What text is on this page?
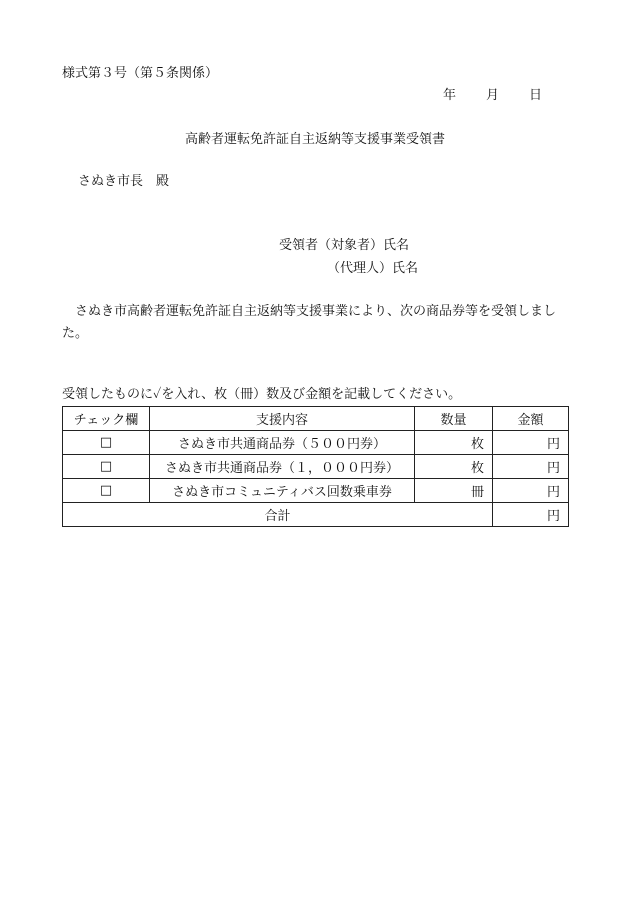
様式第３号（第５条関係）
年 月 日
高齢者運転免許証自主返納等支援事業受領書
さぬき市長　殿
受領者（対象者）氏名
（代理人）氏名
さぬき市高齢者運転免許証自主返納等支援事業により、次の商品券等を受領しました。
受領したものに✓を入れ、枚（冊）数及び金額を記載してください。
チェック欄	支援内容	数量	金額
□	さぬき市共通商品券（５００円券）	枚	円
□	さぬき市共通商品券（１，０００円券）	枚	円
□	さぬき市コミュニティバス回数乗車券	冊	円
合計			円
